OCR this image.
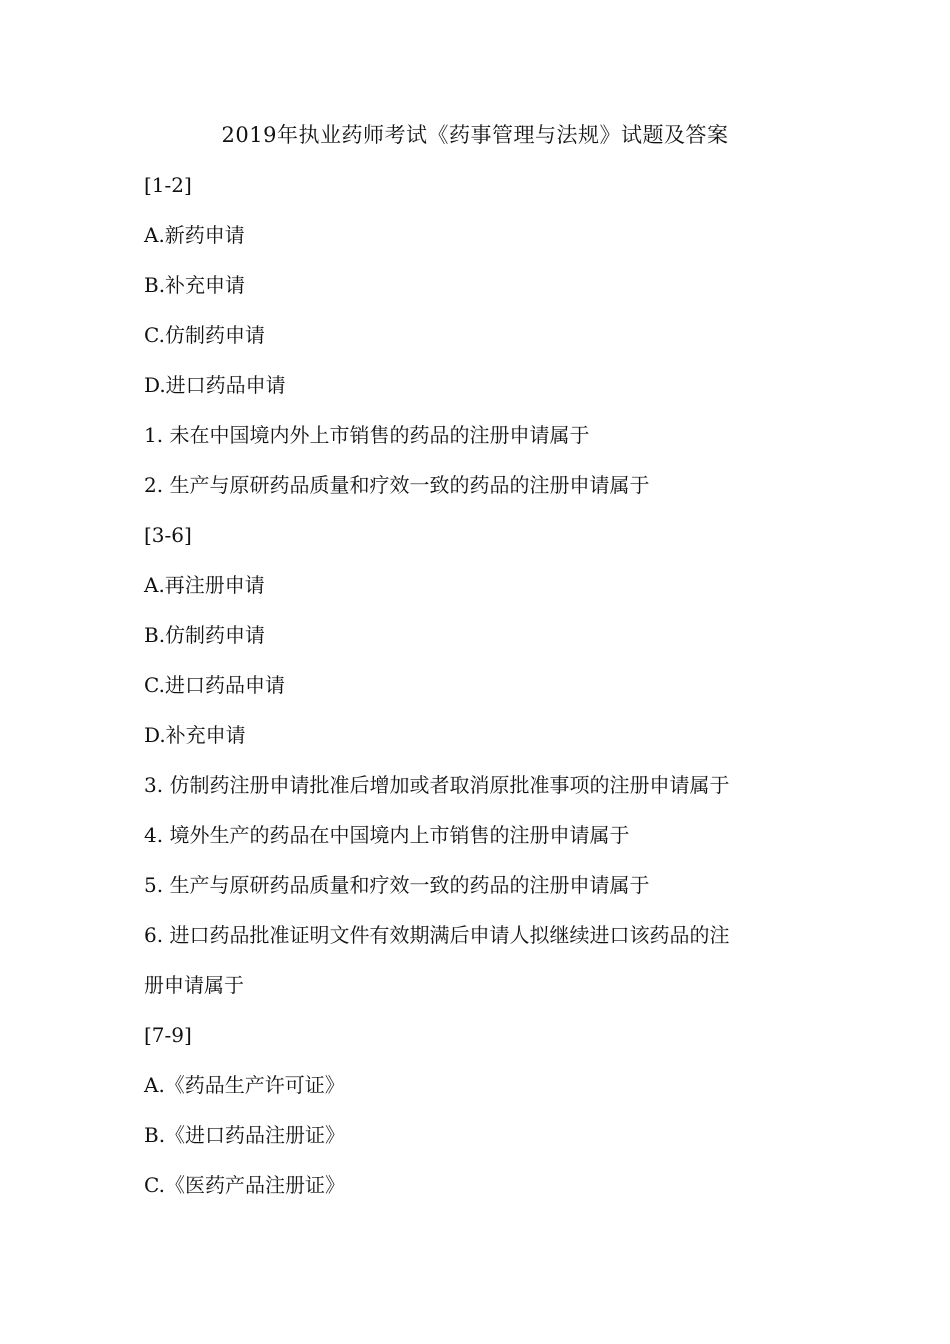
2019年执业药师考试《药事管理与法规》试题及答案
[1-2]
A.新药申请
B.补充申请
C.仿制药申请
D.进口药品申请
1. 未在中国境内外上市销售的药品的注册申请属于
2. 生产与原研药品质量和疗效一致的药品的注册申请属于
[3-6]
A.再注册申请
B.仿制药申请
C.进口药品申请
D.补充申请
3. 仿制药注册申请批准后增加或者取消原批准事项的注册申请属于
4. 境外生产的药品在中国境内上市销售的注册申请属于
5. 生产与原研药品质量和疗效一致的药品的注册申请属于
6. 进口药品批准证明文件有效期满后申请人拟继续进口该药品的注
册申请属于
[7-9]
A.《药品生产许可证》
B.《进口药品注册证》
C.《医药产品注册证》
